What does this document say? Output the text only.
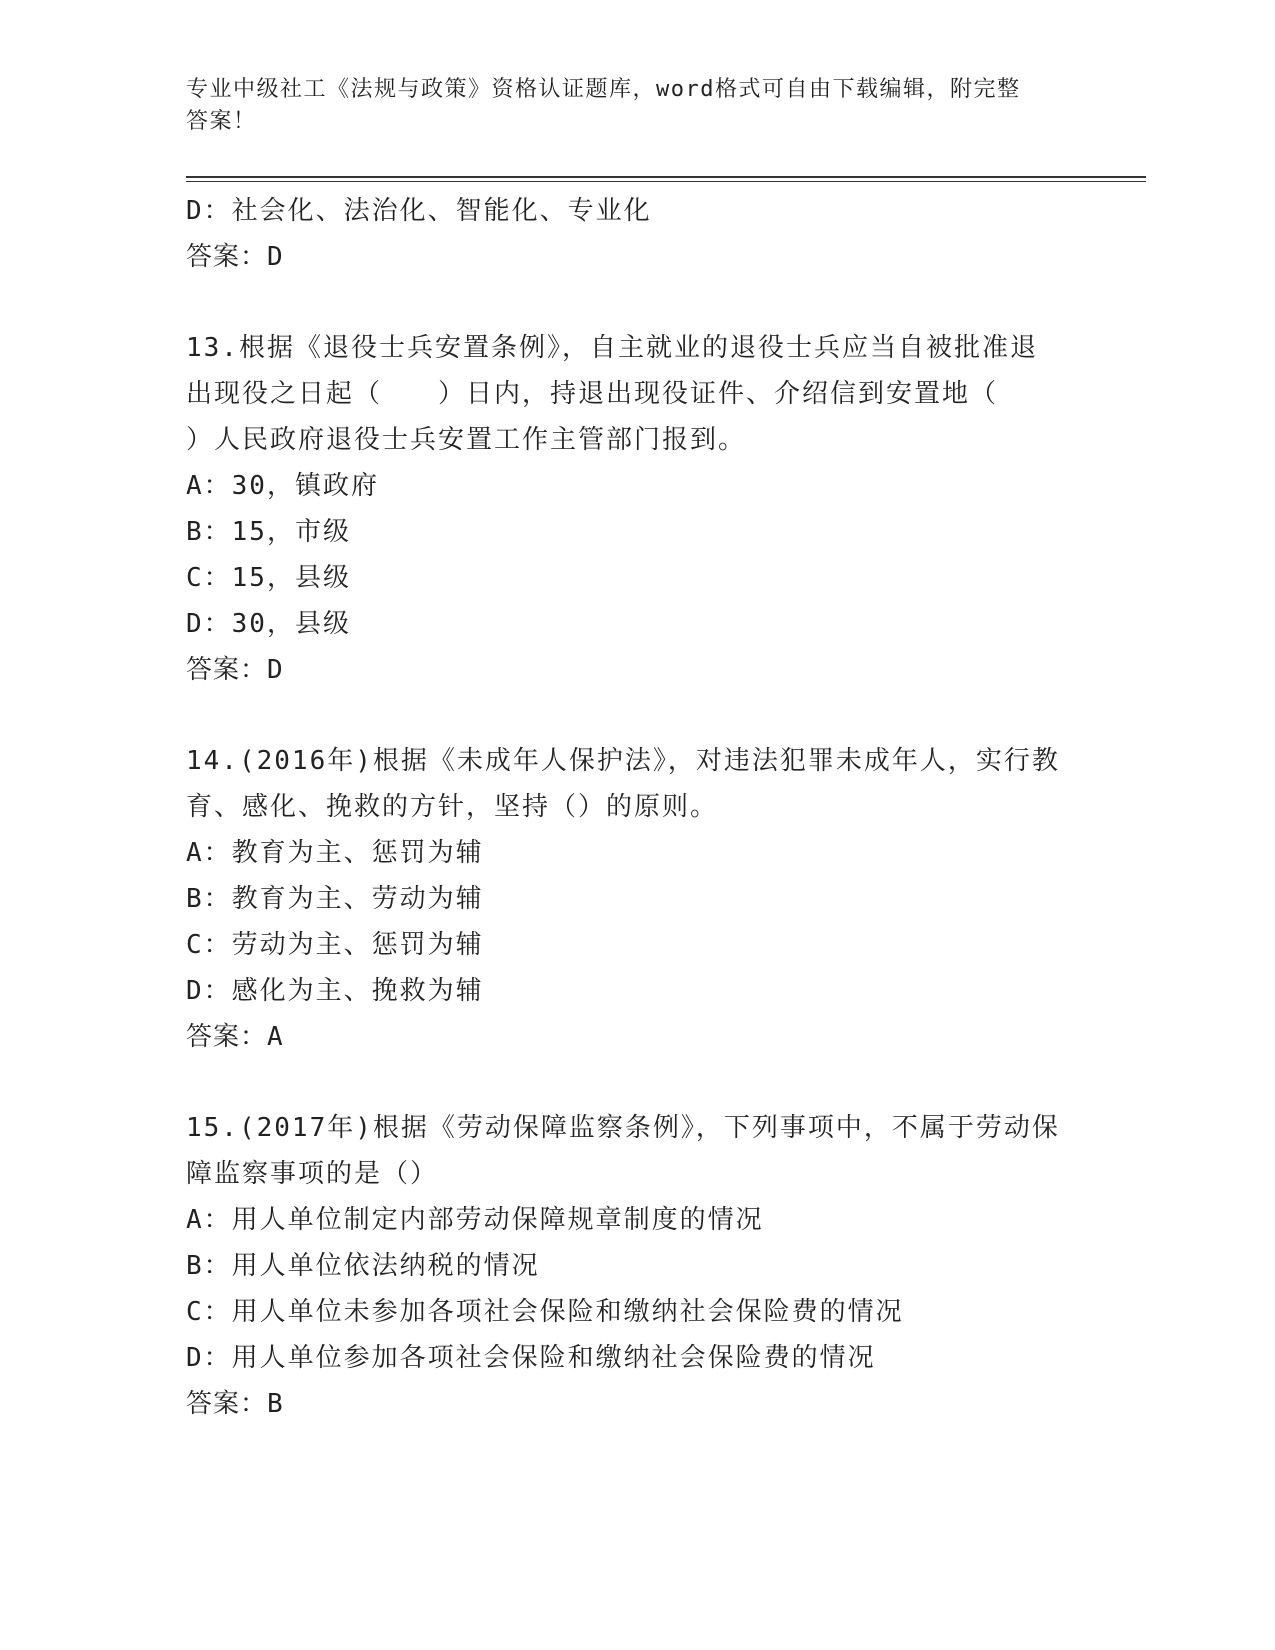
专业中级社工《法规与政策》资格认证题库，word格式可自由下载编辑，附完整
答案！
D：社会化、法治化、智能化、专业化
答案：D
13.根据《退役士兵安置条例》，自主就业的退役士兵应当自被批准退
出现役之日起（　　）日内，持退出现役证件、介绍信到安置地（
）人民政府退役士兵安置工作主管部门报到。
A：30，镇政府
B：15，市级
C：15，县级
D：30，县级
答案：D
14.(2016年)根据《未成年人保护法》，对违法犯罪未成年人，实行教
育、感化、挽救的方针，坚持（）的原则。
A：教育为主、惩罚为辅
B：教育为主、劳动为辅
C：劳动为主、惩罚为辅
D：感化为主、挽救为辅
答案：A
15.(2017年)根据《劳动保障监察条例》，下列事项中，不属于劳动保
障监察事项的是（）
A：用人单位制定内部劳动保障规章制度的情况
B：用人单位依法纳税的情况
C：用人单位未参加各项社会保险和缴纳社会保险费的情况
D：用人单位参加各项社会保险和缴纳社会保险费的情况
答案：B
